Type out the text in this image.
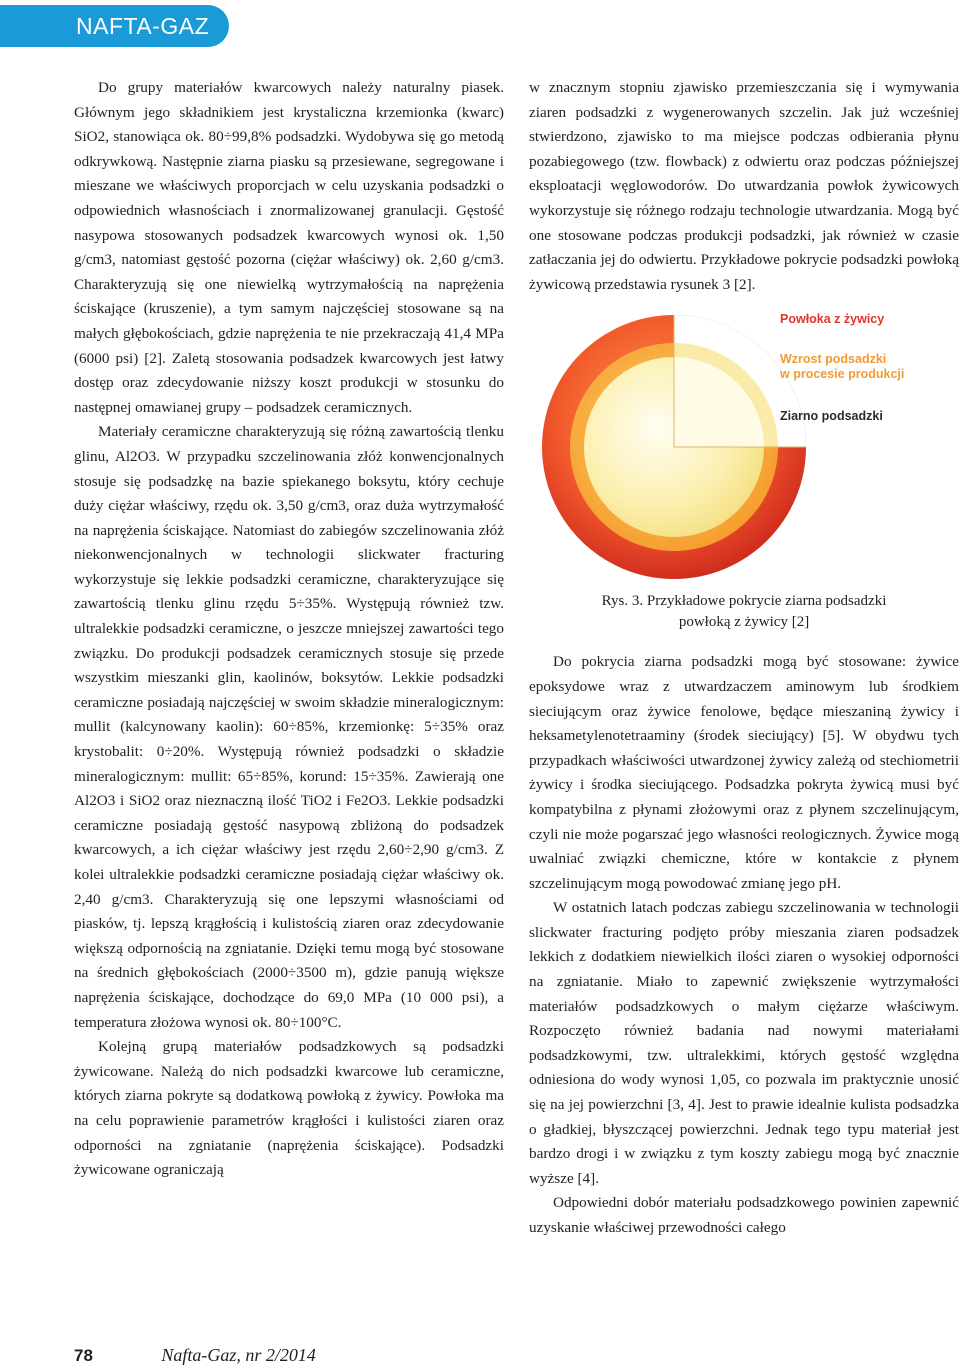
NAFTA-GAZ

Do grupy materiałów kwarcowych należy naturalny piasek. Głównym jego składnikiem jest krystaliczna krzemionka (kwarc) SiO2, stanowiąca ok. 80÷99,8% podsadzki. Wydobywa się go metodą odkrywkową. Następnie ziarna piasku są przesiewane, segregowane i mieszane we właściwych proporcjach w celu uzyskania podsadzki o odpowiednich własnościach i znormalizowanej granulacji. Gęstość nasypowa stosowanych podsadzek kwarcowych wynosi ok. 1,50 g/cm3, natomiast gęstość pozorna (ciężar właściwy) ok. 2,60 g/cm3. Charakteryzują się one niewielką wytrzymałością na naprężenia ściskające (kruszenie), a tym samym najczęściej stosowane są na małych głębokościach, gdzie naprężenia te nie przekraczają 41,4 MPa (6000 psi) [2]. Zaletą stosowania podsadzek kwarcowych jest łatwy dostęp oraz zdecydowanie niższy koszt produkcji w stosunku do następnej omawianej grupy – podsadzek ceramicznych.

Materiały ceramiczne charakteryzują się różną zawartością tlenku glinu, Al2O3. W przypadku szczelinowania złóż konwencjonalnych stosuje się podsadzkę na bazie spiekanego boksytu, który cechuje duży ciężar właściwy, rzędu ok. 3,50 g/cm3, oraz duża wytrzymałość na naprężenia ściskające. Natomiast do zabiegów szczelinowania złóż niekonwencjonalnych w technologii slickwater fracturing wykorzystuje się lekkie podsadzki ceramiczne, charakteryzujące się zawartością tlenku glinu rzędu 5÷35%. Występują również tzw. ultralekkie podsadzki ceramiczne, o jeszcze mniejszej zawartości tego związku. Do produkcji podsadzek ceramicznych stosuje się przede wszystkim mieszanki glin, kaolinów, boksytów. Lekkie podsadzki ceramiczne posiadają najczęściej w swoim składzie mineralogicznym: mullit (kalcynowany kaolin): 60÷85%, krzemionkę: 5÷35% oraz krystobalit: 0÷20%. Występują również podsadzki o składzie mineralogicznym: mullit: 65÷85%, korund: 15÷35%. Zawierają one Al2O3 i SiO2 oraz nieznaczną ilość TiO2 i Fe2O3. Lekkie podsadzki ceramiczne posiadają gęstość nasypową zbliżoną do podsadzek kwarcowych, a ich ciężar właściwy jest rzędu 2,60÷2,90 g/cm3. Z kolei ultralekkie podsadzki ceramiczne posiadają ciężar właściwy ok. 2,40 g/cm3. Charakteryzują się one lepszymi własnościami od piasków, tj. lepszą krągłością i kulistością ziaren oraz zdecydowanie większą odpornością na zgniatanie. Dzięki temu mogą być stosowane na średnich głębokościach (2000÷3500 m), gdzie panują większe naprężenia ściskające, dochodzące do 69,0 MPa (10 000 psi), a temperatura złożowa wynosi ok. 80÷100°C.

Kolejną grupą materiałów podsadzkowych są podsadzki żywicowane. Należą do nich podsadzki kwarcowe lub ceramiczne, których ziarna pokryte są dodatkową powłoką z żywicy. Powłoka ma na celu poprawienie parametrów krągłości i kulistości ziaren oraz odporności na zgniatanie (naprężenia ściskające). Podsadzki żywicowane ograniczają

w znacznym stopniu zjawisko przemieszczania się i wymywania ziaren podsadzki z wygenerowanych szczelin. Jak już wcześniej stwierdzono, zjawisko to ma miejsce podczas odbierania płynu pozabiegowego (tzw. flowback) z odwiertu oraz podczas późniejszej eksploatacji węglowodorów. Do utwardzania powłok żywicowych wykorzystuje się różnego rodzaju technologie utwardzania. Mogą być one stosowane podczas produkcji podsadzki, jak również w czasie zatłaczania jej do odwiertu. Przykładowe pokrycie podsadzki powłoką żywicową przedstawia rysunek 3 [2].

Powłoka z żywicy
Wzrost podsadzki
w procesie produkcji
Ziarno podsadzki
Rys. 3. Przykładowe pokrycie ziarna podsadzki
powłoką z żywicy [2]

Do pokrycia ziarna podsadzki mogą być stosowane: żywice epoksydowe wraz z utwardzaczem aminowym lub środkiem sieciującym oraz żywice fenolowe, będące mieszaniną żywicy i heksametylenotetraaminy (środek sieciujący) [5]. W obydwu tych przypadkach właściwości utwardzonej żywicy zależą od stechiometrii żywicy i środka sieciującego. Podsadzka pokryta żywicą musi być kompatybilna z płynami złożowymi oraz z płynem szczelinującym, czyli nie może pogarszać jego własności reologicznych. Żywice mogą uwalniać związki chemiczne, które w kontakcie z płynem szczelinującym mogą powodować zmianę jego pH.

W ostatnich latach podczas zabiegu szczelinowania w technologii slickwater fracturing podjęto próby mieszania ziaren podsadzek lekkich z dodatkiem niewielkich ilości ziaren o wysokiej odporności na zgniatanie. Miało to zapewnić zwiększenie wytrzymałości materiałów podsadzkowych o małym ciężarze właściwym. Rozpoczęto również badania nad nowymi materiałami podsadzkowymi, tzw. ultralekkimi, których gęstość względna odniesiona do wody wynosi 1,05, co pozwala im praktycznie unosić się na jej powierzchni [3, 4]. Jest to prawie idealnie kulista podsadzka o gładkiej, błyszczącej powierzchni. Jednak tego typu materiał jest bardzo drogi i w związku z tym koszty zabiegu mogą być znacznie wyższe [4].

Odpowiedni dobór materiału podsadzkowego powinien zapewnić uzyskanie właściwej przewodności całego

78	Nafta-Gaz, nr 2/2014
